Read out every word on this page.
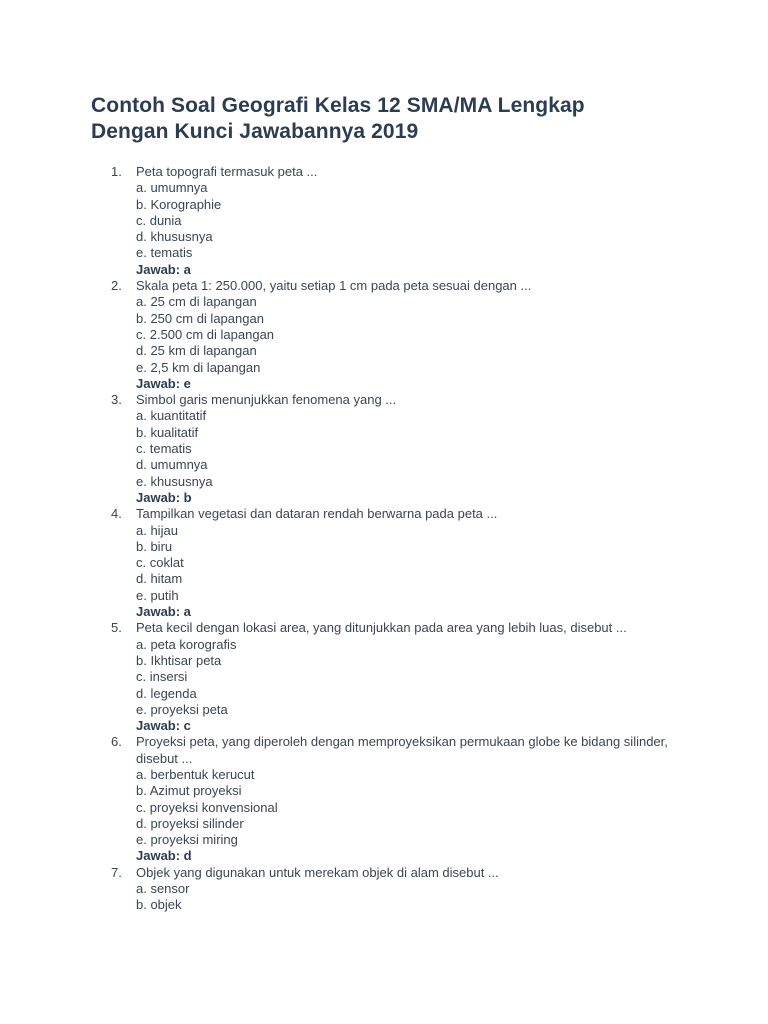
Contoh Soal Geografi Kelas 12 SMA/MA Lengkap Dengan Kunci Jawabannya 2019
1. Peta topografi termasuk peta ...
a. umumnya
b. Korographie
c. dunia
d. khususnya
e. tematis
Jawab: a
2. Skala peta 1: 250.000, yaitu setiap 1 cm pada peta sesuai dengan ...
a. 25 cm di lapangan
b. 250 cm di lapangan
c. 2.500 cm di lapangan
d. 25 km di lapangan
e. 2,5 km di lapangan
Jawab: e
3. Simbol garis menunjukkan fenomena yang ...
a. kuantitatif
b. kualitatif
c. tematis
d. umumnya
e. khususnya
Jawab: b
4. Tampilkan vegetasi dan dataran rendah berwarna pada peta ...
a. hijau
b. biru
c. coklat
d. hitam
e. putih
Jawab: a
5. Peta kecil dengan lokasi area, yang ditunjukkan pada area yang lebih luas, disebut ...
a. peta korografis
b. Ikhtisar peta
c. insersi
d. legenda
e. proyeksi peta
Jawab: c
6. Proyeksi peta, yang diperoleh dengan memproyeksikan permukaan globe ke bidang silinder, disebut ...
a. berbentuk kerucut
b. Azimut proyeksi
c. proyeksi konvensional
d. proyeksi silinder
e. proyeksi miring
Jawab: d
7. Objek yang digunakan untuk merekam objek di alam disebut ...
a. sensor
b. objek
